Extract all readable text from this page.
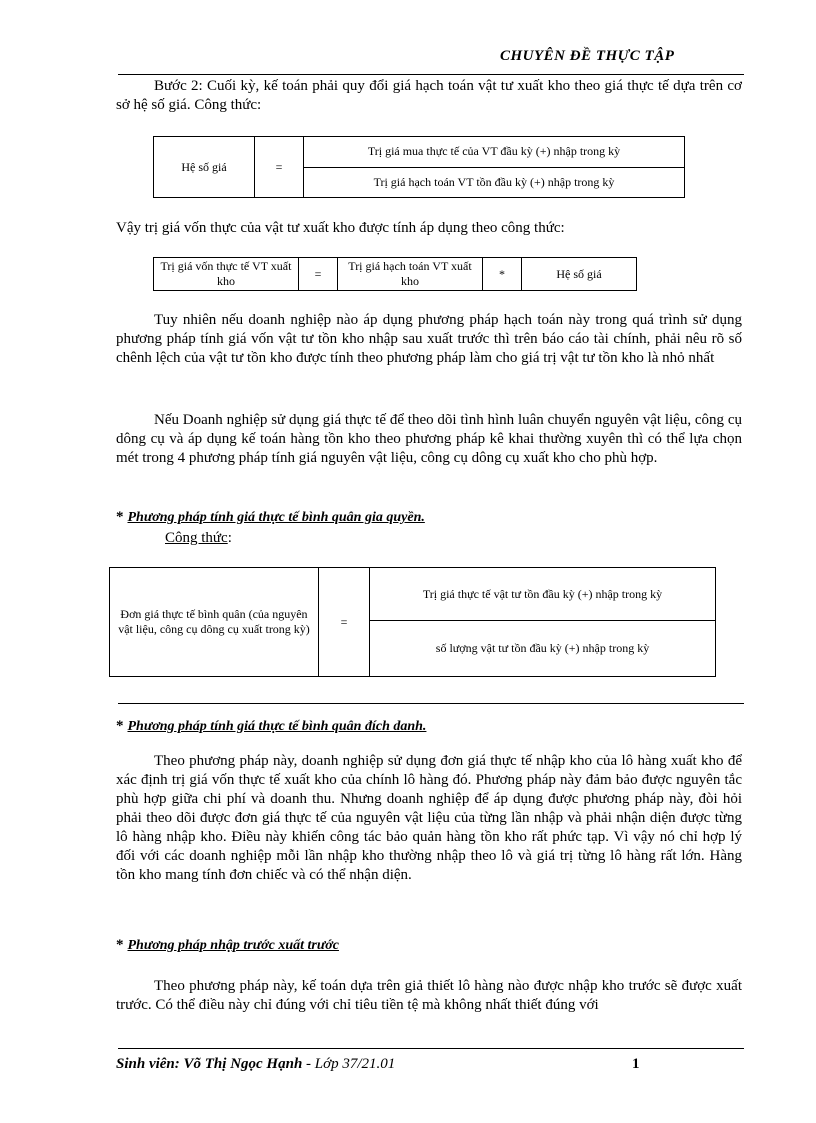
CHUYÊN ĐỀ THỰC TẬP
Bước 2: Cuối kỳ, kế toán phải quy đổi giá hạch toán vật tư xuất kho theo giá thực tế dựa trên cơ sở hệ số giá. Công thức:
Hệ số giá	=	Trị giá mua thực tế của VT đầu kỳ (+) nhập trong kỳ
Trị giá hạch toán VT tồn đầu kỳ (+) nhập trong kỳ
Vậy trị giá vốn thực của vật tư xuất kho được tính áp dụng theo công thức:
Trị giá vốn thực tế VT xuất kho	=	Trị giá hạch toán VT xuất kho	*	Hệ số giá
Tuy nhiên nếu doanh nghiệp nào áp dụng phương pháp hạch toán này trong quá trình sử dụng phương pháp tính giá vốn vật tư tồn kho nhập sau xuất trước thì trên báo cáo tài chính, phải nêu rõ số chênh lệch của vật tư tồn kho được tính theo phương pháp làm cho giá trị vật tư tồn kho là nhỏ nhất
Nếu Doanh nghiệp sử dụng giá thực tế để theo dõi tình hình luân chuyển nguyên vật liệu, công cụ dông cụ và áp dụng kế toán hàng tồn kho theo phương pháp kê khai thường xuyên thì có thể lựa chọn mét trong 4 phương pháp tính giá nguyên vật liệu, công cụ dông cụ xuất kho cho phù hợp.
* Phương pháp tính giá thực tế bình quân gia quyền.
Công thức:
Đơn giá thực tế bình quân (của nguyên vật liệu, công cụ dông cụ xuất trong kỳ)	=	Trị giá thực tế vật tư tồn đầu kỳ (+) nhập trong kỳ
số lượng vật tư tồn đầu kỳ (+) nhập trong kỳ
* Phương pháp tính giá thực tế bình quân đích danh.
Theo phương pháp này, doanh nghiệp sử dụng đơn giá thực tế nhập kho của lô hàng xuất kho để xác định trị giá vốn thực tế xuất kho của chính lô hàng đó. Phương pháp này đảm bảo được nguyên tắc phù hợp giữa chi phí và doanh thu. Nhưng doanh nghiệp để áp dụng được phương pháp này, đòi hỏi phải theo dõi được đơn giá thực tế của nguyên vật liệu của từng lần nhập và phải nhận diện được từng lô hàng nhập kho. Điều này khiến công tác bảo quản hàng tồn kho rất phức tạp. Vì vậy nó chỉ hợp lý đối với các doanh nghiệp mỗi lần nhập kho thường nhập theo lô và giá trị từng lô hàng rất lớn. Hàng tồn kho mang tính đơn chiếc và có thể nhận diện.
* Phương pháp nhập trước xuất trước
Theo phương pháp này, kế toán dựa trên giả thiết lô hàng nào được nhập kho trước sẽ được xuất trước. Có thể điều này chỉ đúng với chỉ tiêu tiền tệ mà không nhất thiết đúng với
Sinh viên: Võ Thị Ngọc Hạnh - Lớp 37/21.01	1
